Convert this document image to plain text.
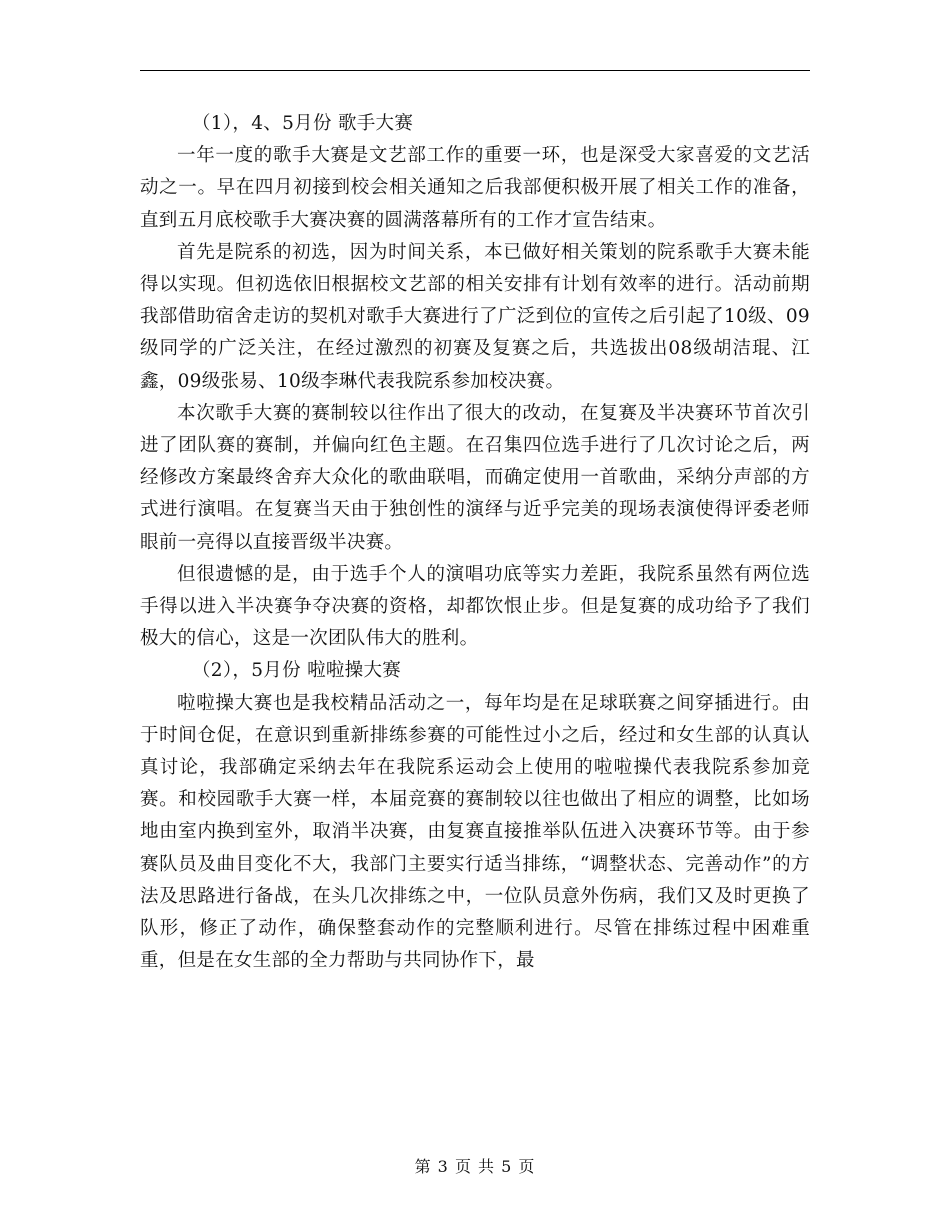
（1），4、5月份 歌手大赛

一年一度的歌手大赛是文艺部工作的重要一环，也是深受大家喜爱的文艺活动之一。早在四月初接到校会相关通知之后我部便积极开展了相关工作的准备，直到五月底校歌手大赛决赛的圆满落幕所有的工作才宣告结束。

首先是院系的初选，因为时间关系，本已做好相关策划的院系歌手大赛未能得以实现。但初选依旧根据校文艺部的相关安排有计划有效率的进行。活动前期我部借助宿舍走访的契机对歌手大赛进行了广泛到位的宣传之后引起了10级、09级同学的广泛关注，在经过激烈的初赛及复赛之后，共选拔出08级胡洁琨、江鑫，09级张易、10级李琳代表我院系参加校决赛。

本次歌手大赛的赛制较以往作出了很大的改动，在复赛及半决赛环节首次引进了团队赛的赛制，并偏向红色主题。在召集四位选手进行了几次讨论之后，两经修改方案最终舍弃大众化的歌曲联唱，而确定使用一首歌曲，采纳分声部的方式进行演唱。在复赛当天由于独创性的演绎与近乎完美的现场表演使得评委老师眼前一亮得以直接晋级半决赛。

但很遗憾的是，由于选手个人的演唱功底等实力差距，我院系虽然有两位选手得以进入半决赛争夺决赛的资格，却都饮恨止步。但是复赛的成功给予了我们极大的信心，这是一次团队伟大的胜利。

（2），5月份 啦啦操大赛

啦啦操大赛也是我校精品活动之一，每年均是在足球联赛之间穿插进行。由于时间仓促，在意识到重新排练参赛的可能性过小之后，经过和女生部的认真认真讨论，我部确定采纳去年在我院系运动会上使用的啦啦操代表我院系参加竞赛。和校园歌手大赛一样，本届竞赛的赛制较以往也做出了相应的调整，比如场地由室内换到室外，取消半决赛，由复赛直接推举队伍进入决赛环节等。由于参赛队员及曲目变化不大，我部门主要实行适当排练，“调整状态、完善动作”的方法及思路进行备战，在头几次排练之中，一位队员意外伤病，我们又及时更换了队形，修正了动作，确保整套动作的完整顺利进行。尽管在排练过程中困难重重，但是在女生部的全力帮助与共同协作下，最

第 3 页 共 5 页
